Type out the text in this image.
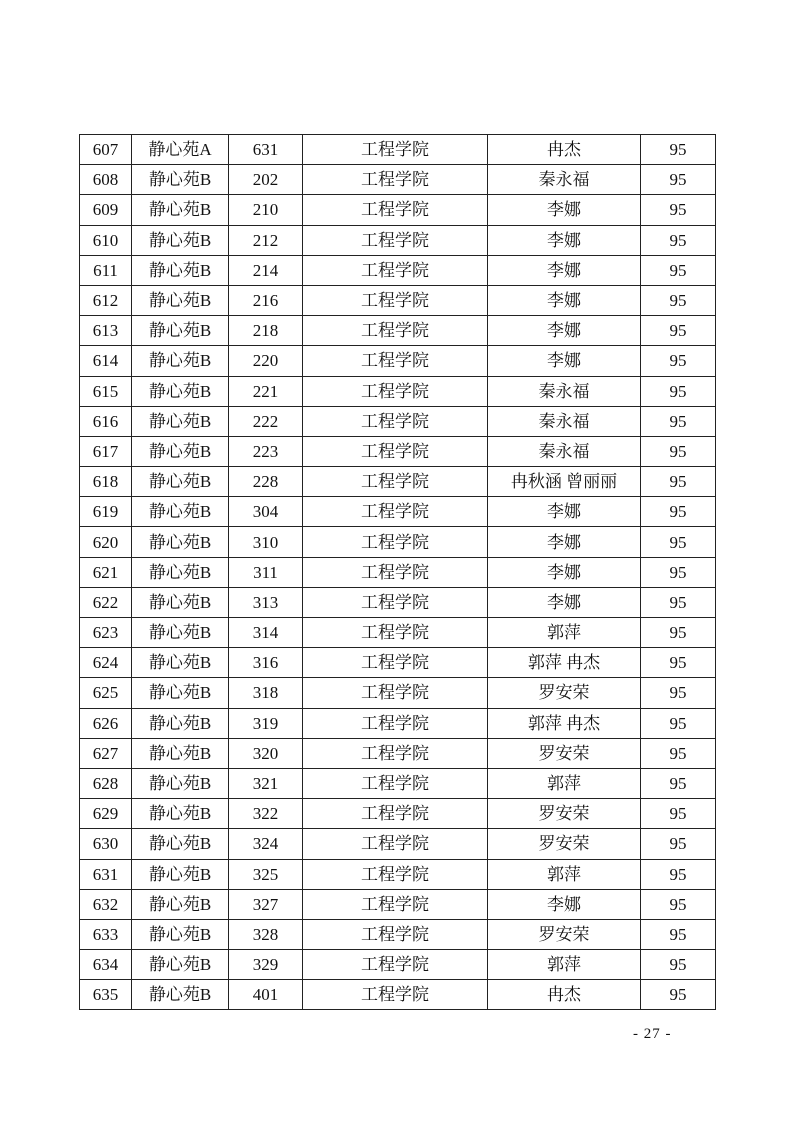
607	静心苑A	631	工程学院	冉杰	95
608	静心苑B	202	工程学院	秦永福	95
609	静心苑B	210	工程学院	李娜	95
610	静心苑B	212	工程学院	李娜	95
611	静心苑B	214	工程学院	李娜	95
612	静心苑B	216	工程学院	李娜	95
613	静心苑B	218	工程学院	李娜	95
614	静心苑B	220	工程学院	李娜	95
615	静心苑B	221	工程学院	秦永福	95
616	静心苑B	222	工程学院	秦永福	95
617	静心苑B	223	工程学院	秦永福	95
618	静心苑B	228	工程学院	冉秋涵 曾丽丽	95
619	静心苑B	304	工程学院	李娜	95
620	静心苑B	310	工程学院	李娜	95
621	静心苑B	311	工程学院	李娜	95
622	静心苑B	313	工程学院	李娜	95
623	静心苑B	314	工程学院	郭萍	95
624	静心苑B	316	工程学院	郭萍 冉杰	95
625	静心苑B	318	工程学院	罗安荣	95
626	静心苑B	319	工程学院	郭萍 冉杰	95
627	静心苑B	320	工程学院	罗安荣	95
628	静心苑B	321	工程学院	郭萍	95
629	静心苑B	322	工程学院	罗安荣	95
630	静心苑B	324	工程学院	罗安荣	95
631	静心苑B	325	工程学院	郭萍	95
632	静心苑B	327	工程学院	李娜	95
633	静心苑B	328	工程学院	罗安荣	95
634	静心苑B	329	工程学院	郭萍	95
635	静心苑B	401	工程学院	冉杰	95
- 27 -
